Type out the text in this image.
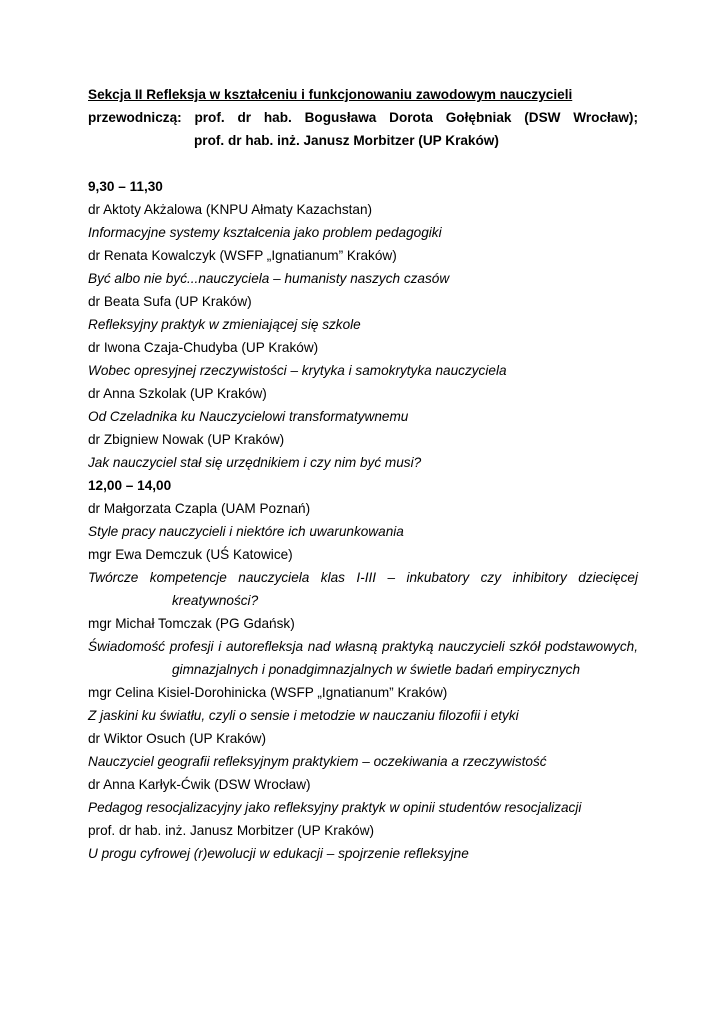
Sekcja II Refleksja w kształceniu i funkcjonowaniu zawodowym nauczycieli
przewodniczą: prof. dr hab. Bogusława Dorota Gołębniak (DSW Wrocław);
prof. dr hab. inż. Janusz Morbitzer (UP Kraków)
9,30 – 11,30
dr Aktoty Akżalowa (KNPU Ałmaty Kazachstan)
Informacyjne systemy kształcenia jako problem pedagogiki
dr Renata Kowalczyk (WSFP „Ignatianum” Kraków)
Być albo nie być...nauczyciela – humanisty naszych czasów
dr Beata Sufa (UP Kraków)
Refleksyjny praktyk w zmieniającej się szkole
dr Iwona Czaja-Chudyba (UP Kraków)
Wobec opresyjnej rzeczywistości – krytyka i samokrytyka nauczyciela
dr Anna Szkolak (UP Kraków)
Od Czeladnika ku Nauczycielowi transformatywnemu
dr Zbigniew Nowak (UP Kraków)
Jak nauczyciel stał się urzędnikiem i czy nim być musi?
12,00 – 14,00
dr Małgorzata Czapla (UAM Poznań)
Style pracy nauczycieli i niektóre ich uwarunkowania
mgr Ewa Demczuk (UŚ Katowice)
Twórcze kompetencje nauczyciela klas I-III – inkubatory czy inhibitory dziecięcej
kreatywności?
mgr Michał Tomczak (PG Gdańsk)
Świadomość profesji i autorefleksja nad własną praktyką nauczycieli szkół podstawowych,
gimnazjalnych i ponadgimnazjalnych w świetle badań empirycznych
mgr Celina Kisiel-Dorohinicka (WSFP „Ignatianum” Kraków)
Z jaskini ku światłu, czyli o sensie i metodzie w nauczaniu filozofii i etyki
dr Wiktor Osuch (UP Kraków)
Nauczyciel geografii refleksyjnym praktykiem – oczekiwania a rzeczywistość
dr Anna Karłyk-Ćwik (DSW Wrocław)
Pedagog resocjalizacyjny jako refleksyjny praktyk w opinii studentów resocjalizacji
prof. dr hab. inż. Janusz Morbitzer (UP Kraków)
U progu cyfrowej (r)ewolucji w edukacji – spojrzenie refleksyjne
